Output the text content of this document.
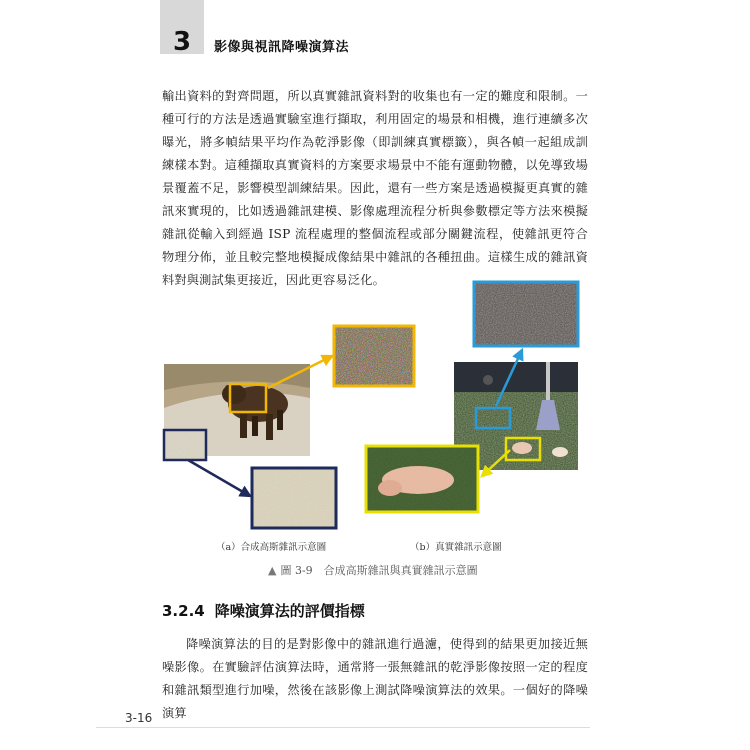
3	影像與視訊降噪演算法

輸出資料的對齊問題，所以真實雜訊資料對的收集也有一定的難度和限制。一種可行的方法是透過實驗室進行擷取，利用固定的場景和相機，進行連續多次曝光，將多幀結果平均作為乾淨影像（即訓練真實標籤），與各幀一起組成訓練樣本對。這種擷取真實資料的方案要求場景中不能有運動物體，以免導致場景覆蓋不足，影響模型訓練結果。因此，還有一些方案是透過模擬更真實的雜訊來實現的，比如透過雜訊建模、影像處理流程分析與參數標定等方法來模擬雜訊從輸入到經過 ISP 流程處理的整個流程或部分關鍵流程，使雜訊更符合物理分佈，並且較完整地模擬成像結果中雜訊的各種扭曲。這樣生成的雜訊資料對與測試集更接近，因此更容易泛化。

（a）合成高斯雜訊示意圖	（b）真實雜訊示意圖
▲ 圖 3-9　合成高斯雜訊與真實雜訊示意圖
3.2.4 降噪演算法的評價指標

降噪演算法的目的是對影像中的雜訊進行過濾，使得到的結果更加接近無噪影像。在實驗評估演算法時，通常將一張無雜訊的乾淨影像按照一定的程度和雜訊類型進行加噪，然後在該影像上測試降噪演算法的效果。一個好的降噪演算

3-16
